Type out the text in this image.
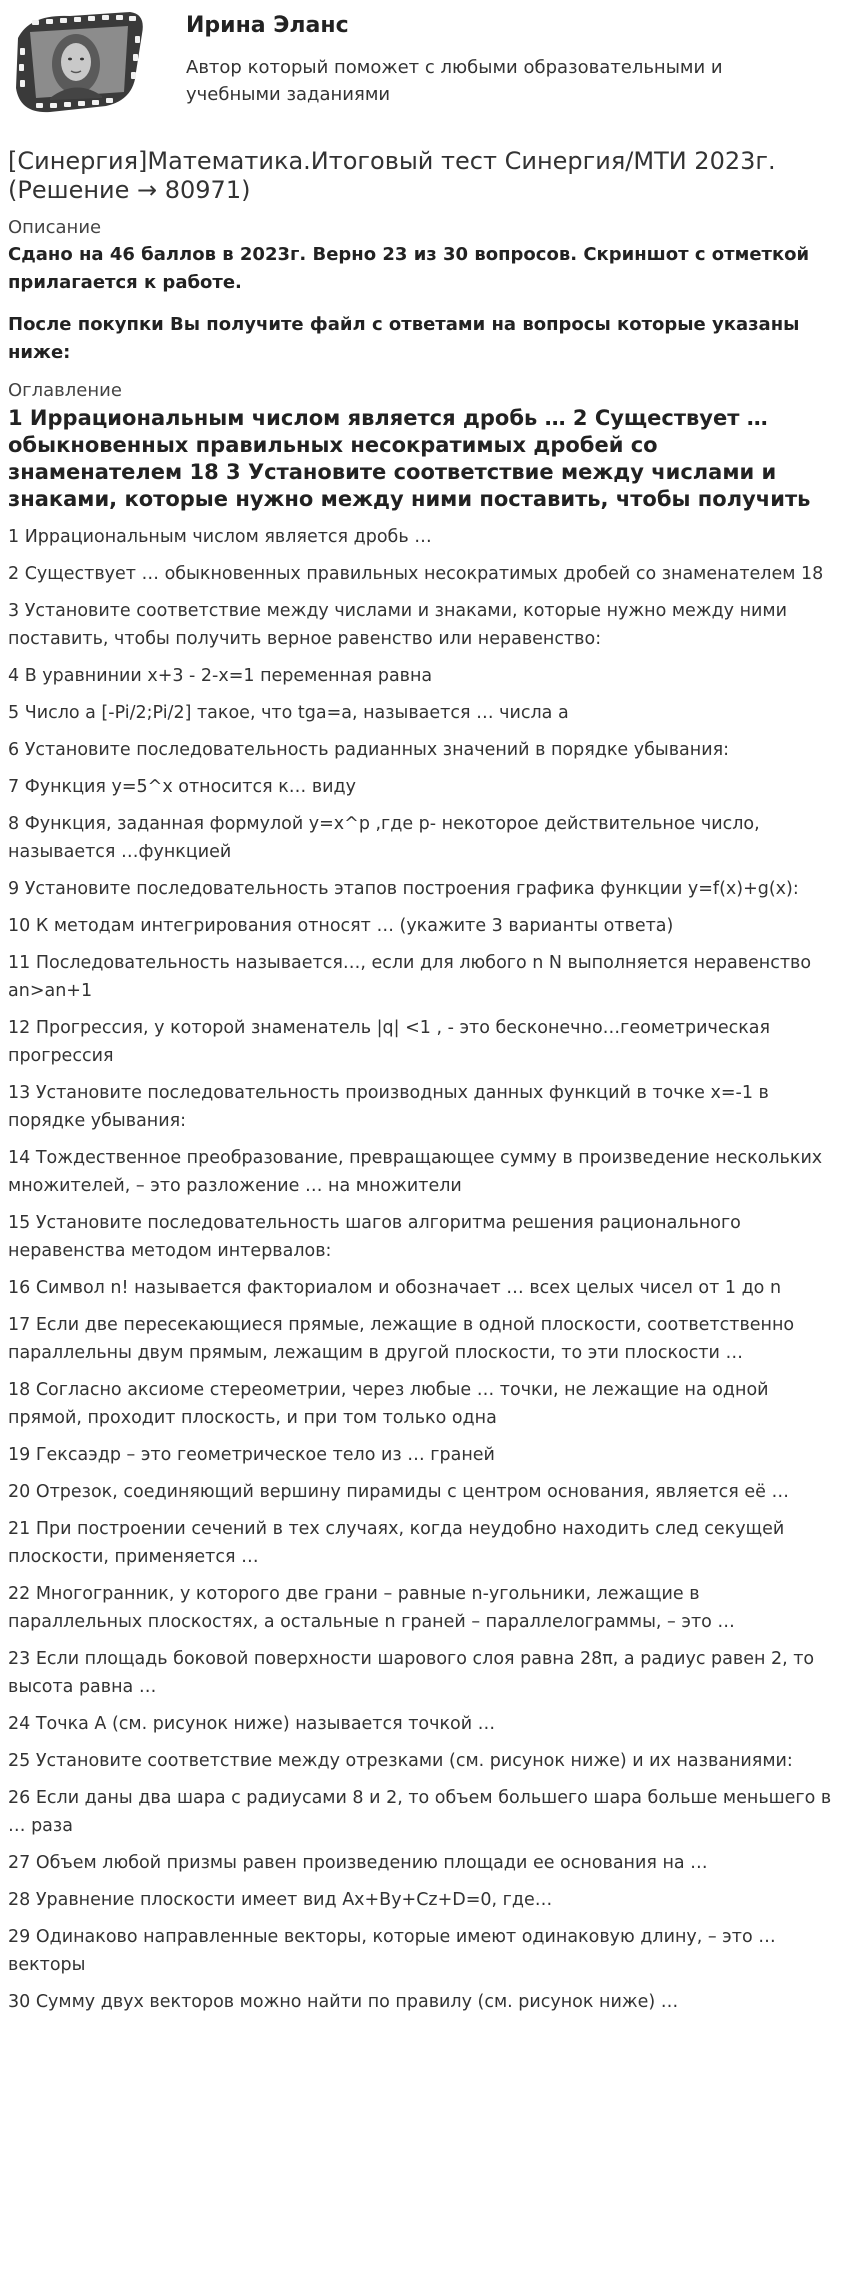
Ирина Эланс

Автор который поможет с любыми образовательными и учебными заданиями

[Синергия]Математика.Итоговый тест Синергия/МТИ 2023г. (Решение → 80971)
Описание

Сдано на 46 баллов в 2023г. Верно 23 из 30 вопросов. Скриншот с отметкой прилагается к работе.

После покупки Вы получите файл с ответами на вопросы которые указаны ниже:

Оглавление
1 Иррациональным числом является дробь … 2 Существует … обыкновенных правильных несократимых дробей со знаменателем 18 3 Установите соответствие между числами и знаками, которые нужно между ними поставить, чтобы получить
1 Иррациональным числом является дробь …
2 Существует … обыкновенных правильных несократимых дробей со знаменателем 18
3 Установите соответствие между числами и знаками, которые нужно между ними поставить, чтобы получить верное равенство или неравенство:
4 В уравнинии x+3 - 2-x=1 переменная равна
5 Число a [-Pi/2;Pi/2] такое, что tga=a, называется … числа a
6 Установите последовательность радианных значений в порядке убывания:
7 Функция y=5^x относится к… виду
8 Функция, заданная формулой y=x^p ,где p- некоторое действительное число, называется …функцией
9 Установите последовательность этапов построения графика функции y=f(x)+g(x):
10 К методам интегрирования относят … (укажите 3 варианты ответа)
11 Последовательность называется…, если для любого n N выполняется неравенство an>an+1
12 Прогрессия, у которой знаменатель |q| <1 , - это бесконечно…геометрическая прогрессия
13 Установите последовательность производных данных функций в точке x=-1 в порядке убывания:
14 Тождественное преобразование, превращающее сумму в произведение нескольких множителей, – это разложение … на множители
15 Установите последовательность шагов алгоритма решения рационального неравенства методом интервалов:
16 Символ n! называется факториалом и обозначает … всех целых чисел от 1 до n
17 Если две пересекающиеся прямые, лежащие в одной плоскости, соответственно параллельны двум прямым, лежащим в другой плоскости, то эти плоскости …
18 Согласно аксиоме стереометрии, через любые … точки, не лежащие на одной прямой, проходит плоскость, и при том только одна
19 Гексаэдр – это геометрическое тело из … граней
20 Отрезок, соединяющий вершину пирамиды с центром основания, является её …
21 При построении сечений в тех случаях, когда неудобно находить след секущей плоскости, применяется …
22 Многогранник, у которого две грани – равные n-угольники, лежащие в параллельных плоскостях, а остальные n граней – параллелограммы, – это …
23 Если площадь боковой поверхности шарового слоя равна 28π, а радиус равен 2, то высота равна …
24 Точка А (см. рисунок ниже) называется точкой …
25 Установите соответствие между отрезками (см. рисунок ниже) и их названиями:
26 Если даны два шара с радиусами 8 и 2, то объем большего шара больше меньшего в … раза
27 Объем любой призмы равен произведению площади ее основания на …
28 Уравнение плоскости имеет вид Ax+By+Cz+D=0, где…
29 Одинаково направленные векторы, которые имеют одинаковую длину, – это … векторы
30 Сумму двух векторов можно найти по правилу (см. рисунок ниже) …
